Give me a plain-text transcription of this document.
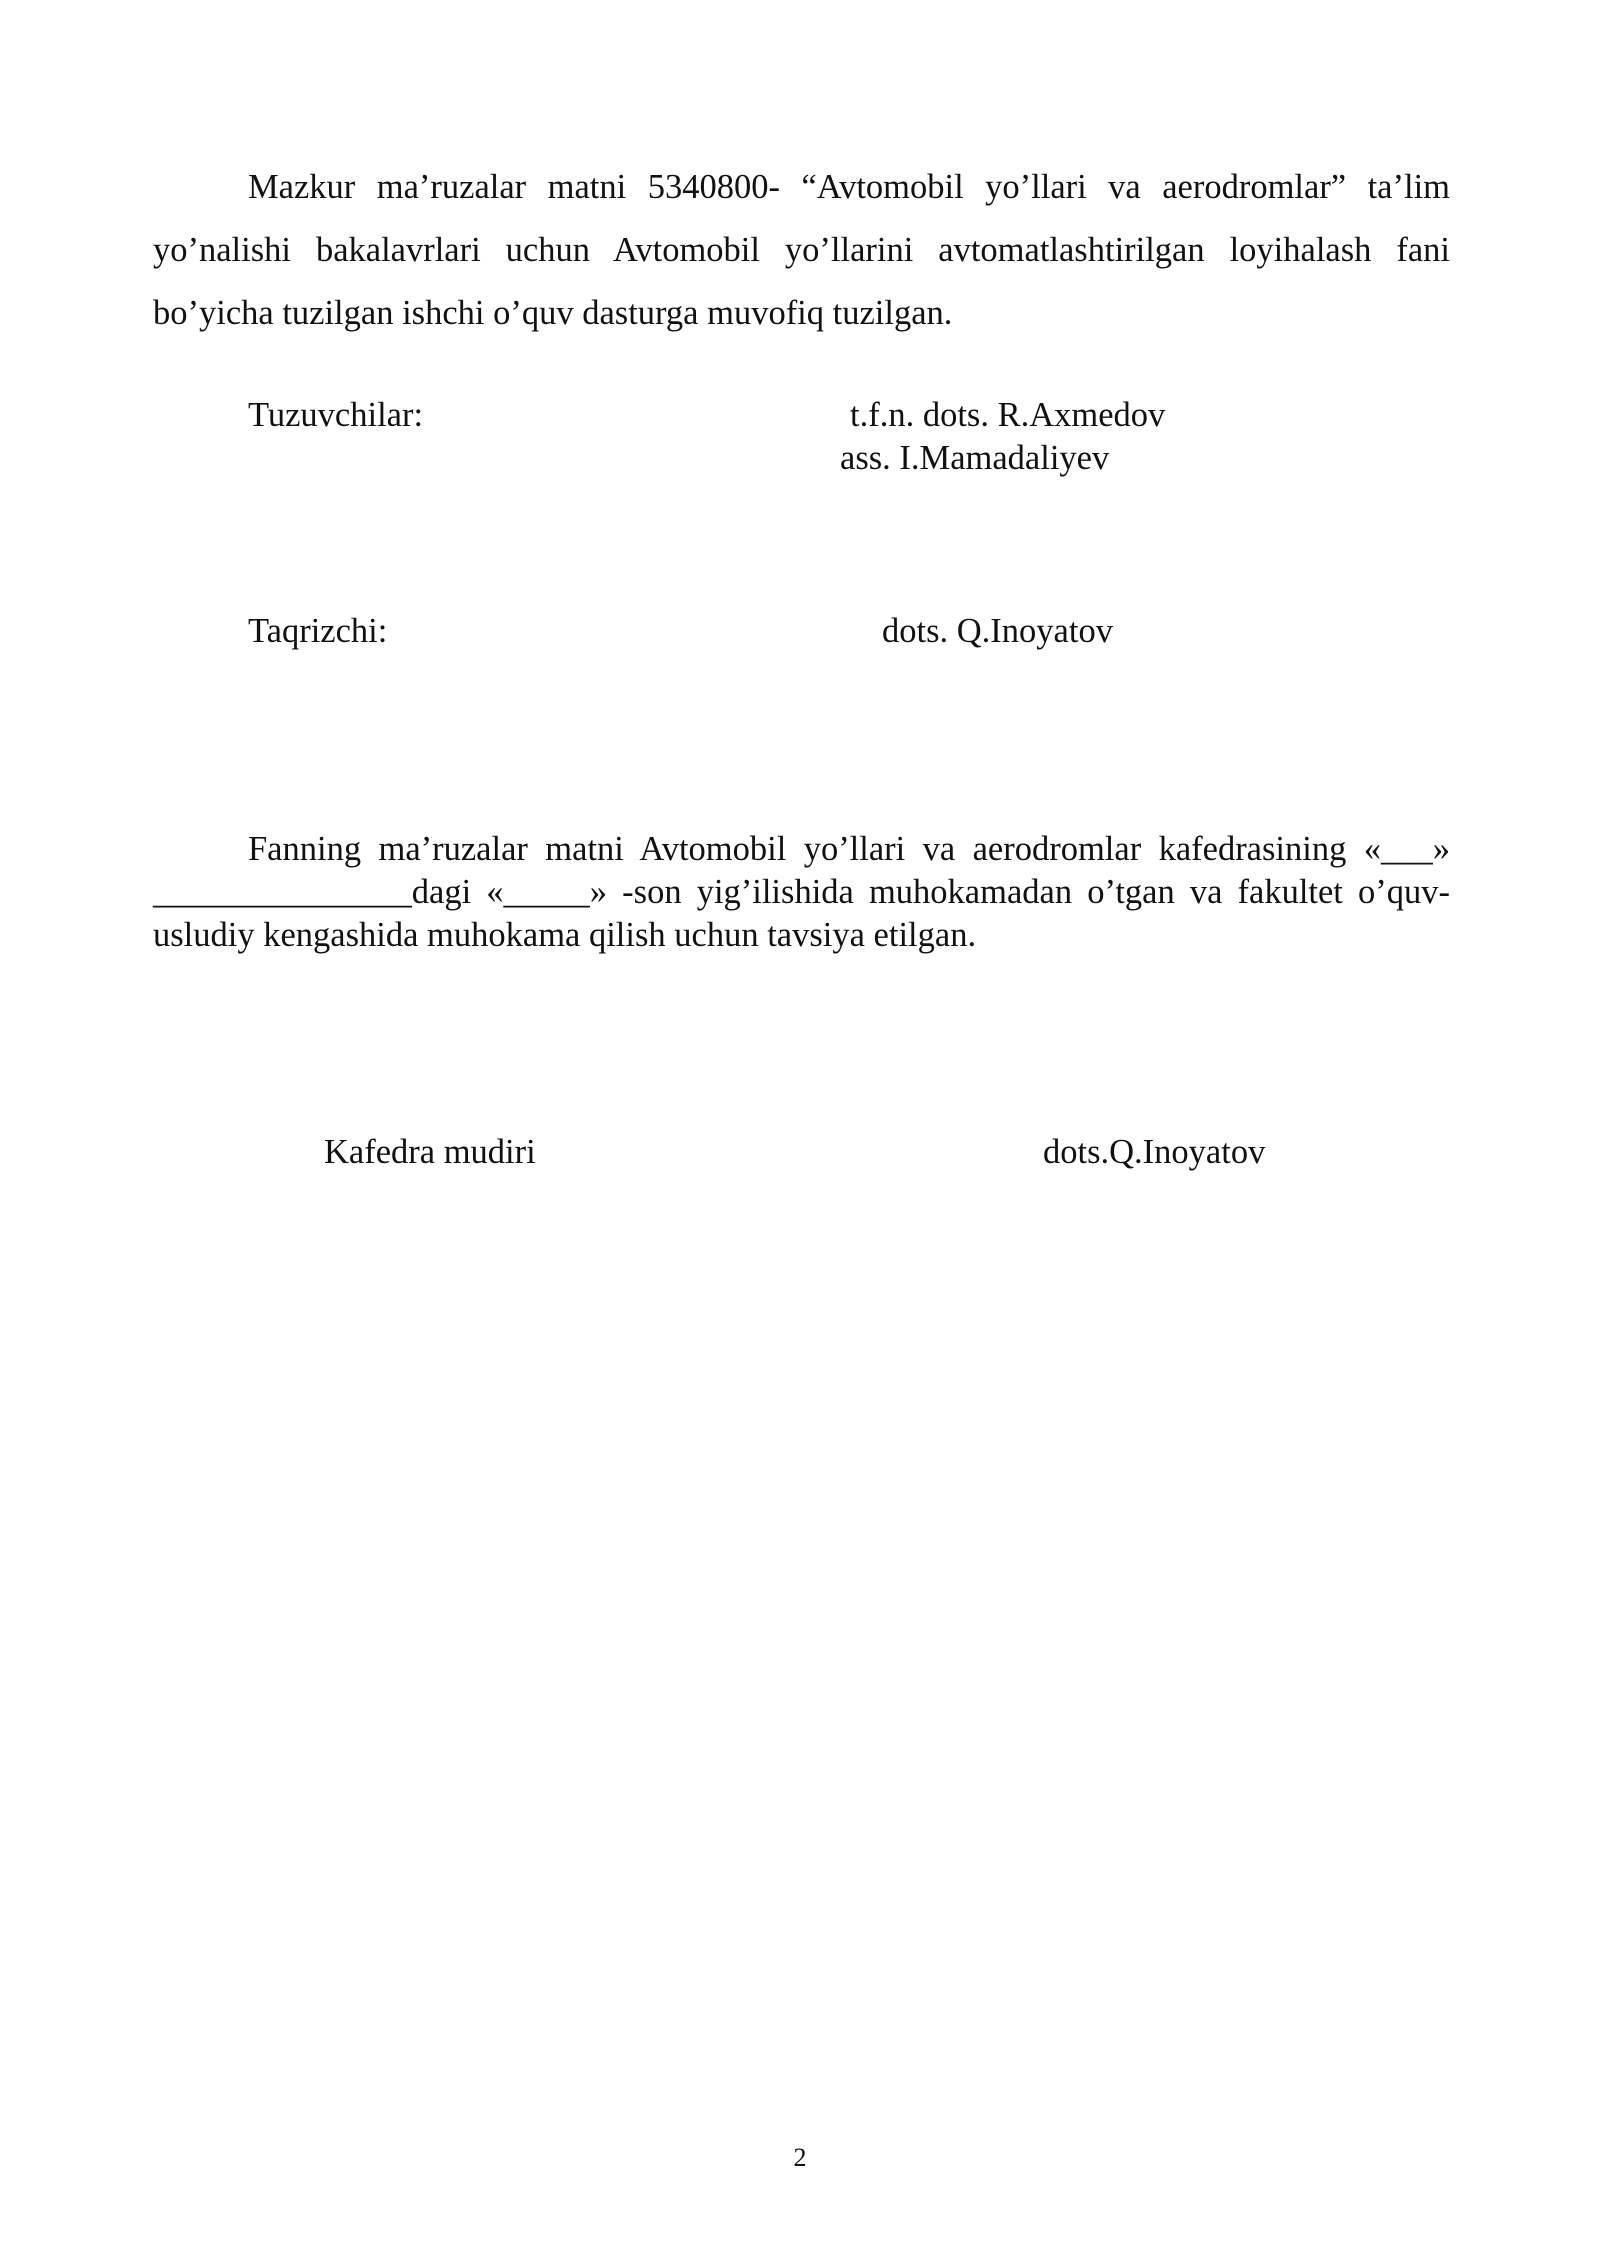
Mazkur ma’ruzalar matni 5340800- “Avtomobil yo’llari va aerodromlar” ta’lim yo’nalishi bakalavrlari uchun Avtomobil yo’llarini avtomatlashtirilgan loyihalash fani bo’yicha tuzilgan ishchi o’quv dasturga muvofiq tuzilgan.

Tuzuvchilar:	t.f.n. dots. R.Axmedov

ass. I.Mamadaliyev

Taqrizchi:	dots. Q.Inoyatov

Fanning ma’ruzalar matni Avtomobil yo’llari va aerodromlar kafedrasining «___» _______________dagi «_____» -son yig’ilishida muhokamadan o’tgan va fakultet o’quv-usludiy kengashida muhokama qilish uchun tavsiya etilgan.

Kafedra mudiri	dots.Q.Inoyatov

2
